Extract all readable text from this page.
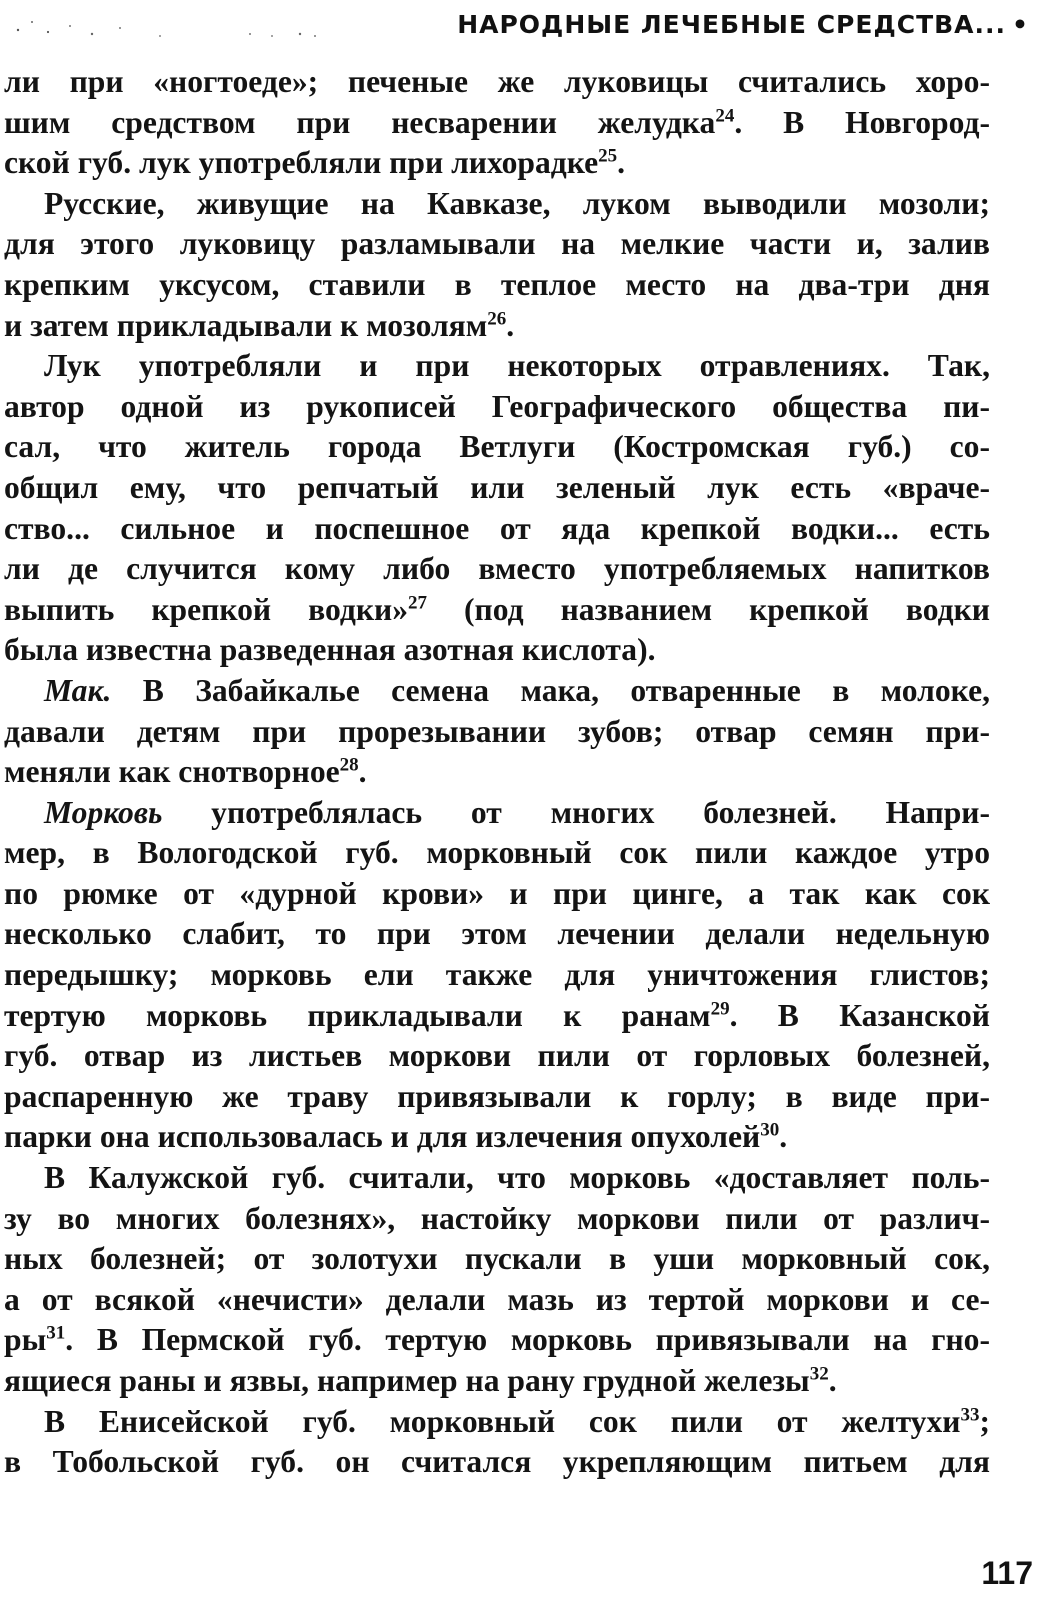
НАРОДНЫЕ ЛЕЧЕБНЫЕ СРЕДСТВА... •
ли при «ногтоеде»; печеные же луковицы считались хоро-
шим средством при несварении желудка$^{24}$. В Новгород-
ской губ. лук употребляли при лихорадке$^{25}$.
Русские, живущие на Кавказе, луком выводили мозоли;
для этого луковицу разламывали на мелкие части и, залив
крепким уксусом, ставили в теплое место на два-три дня
и затем прикладывали к мозолям$^{26}$.
Лук употребляли и при некоторых отравлениях. Так,
автор одной из рукописей Географического общества пи-
сал, что житель города Ветлуги (Костромская губ.) со-
общил ему, что репчатый или зеленый лук есть «враче-
ство... сильное и поспешное от яда крепкой водки... есть
ли де случится кому либо вместо употребляемых напитков
выпить крепкой водки»$^{27}$ (под названием крепкой водки
была известна разведенная азотная кислота).
Мак. В Забайкалье семена мака, отваренные в молоке,
давали детям при прорезывании зубов; отвар семян при-
меняли как снотворное$^{28}$.
Морковь употреблялась от многих болезней. Напри-
мер, в Вологодской губ. морковный сок пили каждое утро
по рюмке от «дурной крови» и при цинге, а так как сок
несколько слабит, то при этом лечении делали недельную
передышку; морковь ели также для уничтожения глистов;
тертую морковь прикладывали к ранам$^{29}$. В Казанской
губ. отвар из листьев моркови пили от горловых болезней,
распаренную же траву привязывали к горлу; в виде при-
парки она использовалась и для излечения опухолей$^{30}$.
В Калужской губ. считали, что морковь «доставляет поль-
зу во многих болезнях», настойку моркови пили от различ-
ных болезней; от золотухи пускали в уши морковный сок,
а от всякой «нечисти» делали мазь из тертой моркови и се-
$ры^{31}$. В Пермской губ. тертую морковь привязывали на гно-
ящиеся раны и язвы, например на рану грудной железы$^{32}$.
В Енисейской губ. морковный сок пили от желтухи$^{33}$;
в Тобольской губ. он считался укрепляющим питьем для
117
